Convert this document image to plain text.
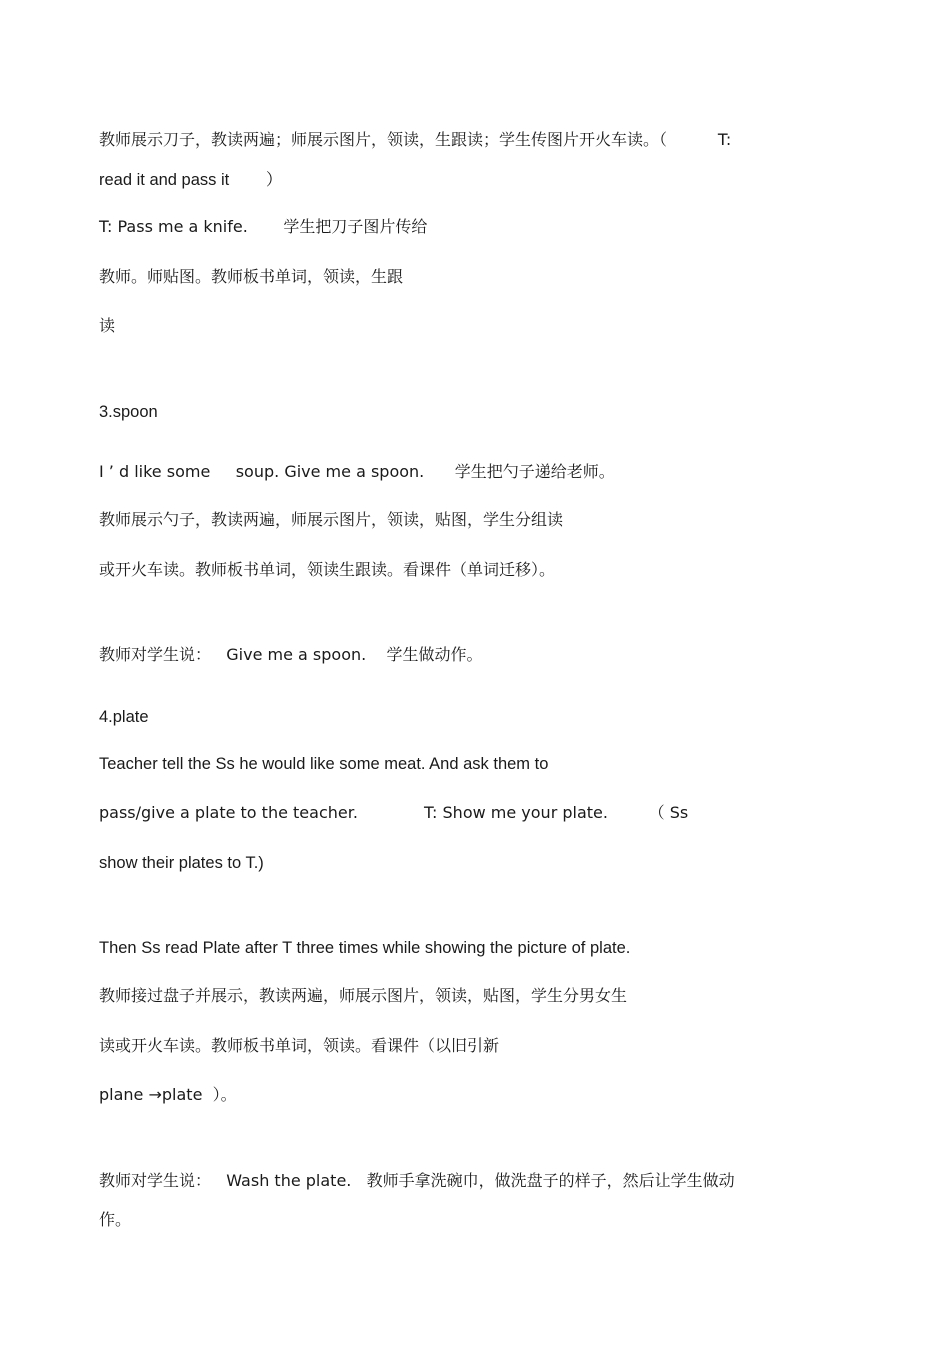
教师展示刀子，教读两遍；师展示图片，领读，生跟读；学生传图片开火车读。（          T:
read it and pass it        ）
T: Pass me a knife.       学生把刀子图片传给
教师。师贴图。教师板书单词，领读，生跟
读
3.spoon
I ’ d like some     soup. Give me a spoon.      学生把勺子递给老师。
教师展示勺子，教读两遍，师展示图片，领读，贴图，学生分组读
或开火车读。教师板书单词，领读生跟读。看课件（单词迁移）。
教师对学生说：   Give me a spoon.    学生做动作。
4.plate
Teacher tell the Ss he would like some meat. And ask them to
pass/give a plate to the teacher.             T: Show me your plate.        （ Ss
show their plates to T.)
Then Ss read Plate after T three times while showing the picture of plate.
教师接过盘子并展示，教读两遍，师展示图片，领读，贴图，学生分男女生
读或开火车读。教师板书单词，领读。看课件（以旧引新
plane →plate  ）。
教师对学生说：   Wash the plate.   教师手拿洗碗巾，做洗盘子的样子，然后让学生做动
作。
